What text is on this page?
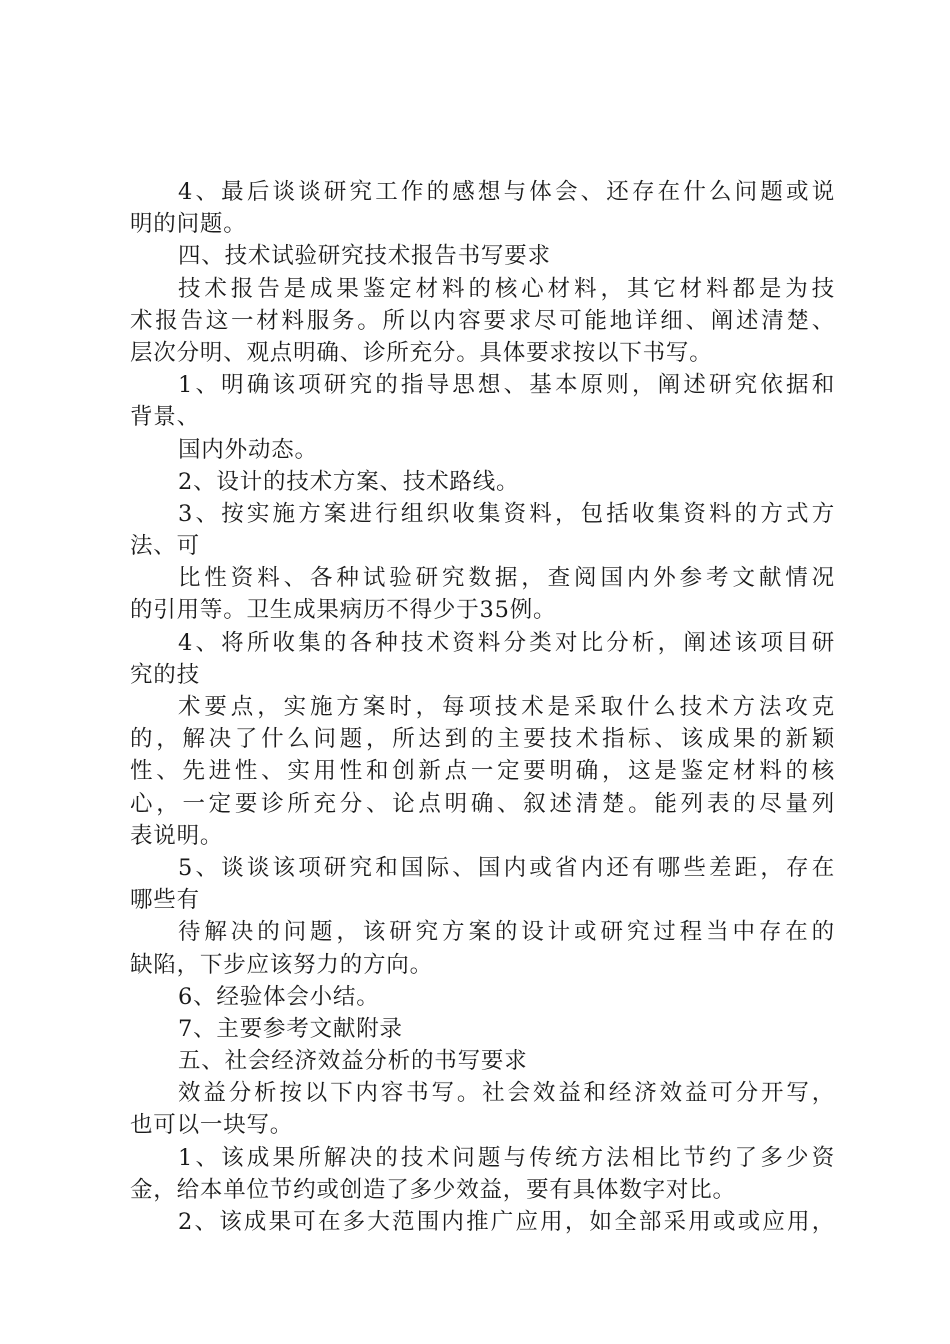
4、最后谈谈研究工作的感想与体会、还存在什么问题或说
明的问题。
四、技术试验研究技术报告书写要求
技术报告是成果鉴定材料的核心材料，其它材料都是为技
术报告这一材料服务。所以内容要求尽可能地详细、阐述清楚、
层次分明、观点明确、诊所充分。具体要求按以下书写。
1、明确该项研究的指导思想、基本原则，阐述研究依据和
背景、
国内外动态。
2、设计的技术方案、技术路线。
3、按实施方案进行组织收集资料，包括收集资料的方式方
法、可
比性资料、各种试验研究数据，查阅国内外参考文献情况
的引用等。卫生成果病历不得少于35例。
4、将所收集的各种技术资料分类对比分析，阐述该项目研
究的技
术要点，实施方案时，每项技术是采取什么技术方法攻克
的，解决了什么问题，所达到的主要技术指标、该成果的新颖
性、先进性、实用性和创新点一定要明确，这是鉴定材料的核
心，一定要诊所充分、论点明确、叙述清楚。能列表的尽量列
表说明。
5、谈谈该项研究和国际、国内或省内还有哪些差距，存在
哪些有
待解决的问题，该研究方案的设计或研究过程当中存在的
缺陷，下步应该努力的方向。
6、经验体会小结。
7、主要参考文献附录
五、社会经济效益分析的书写要求
效益分析按以下内容书写。社会效益和经济效益可分开写，
也可以一块写。
1、该成果所解决的技术问题与传统方法相比节约了多少资
金，给本单位节约或创造了多少效益，要有具体数字对比。
2、该成果可在多大范围内推广应用，如全部采用或或应用，
